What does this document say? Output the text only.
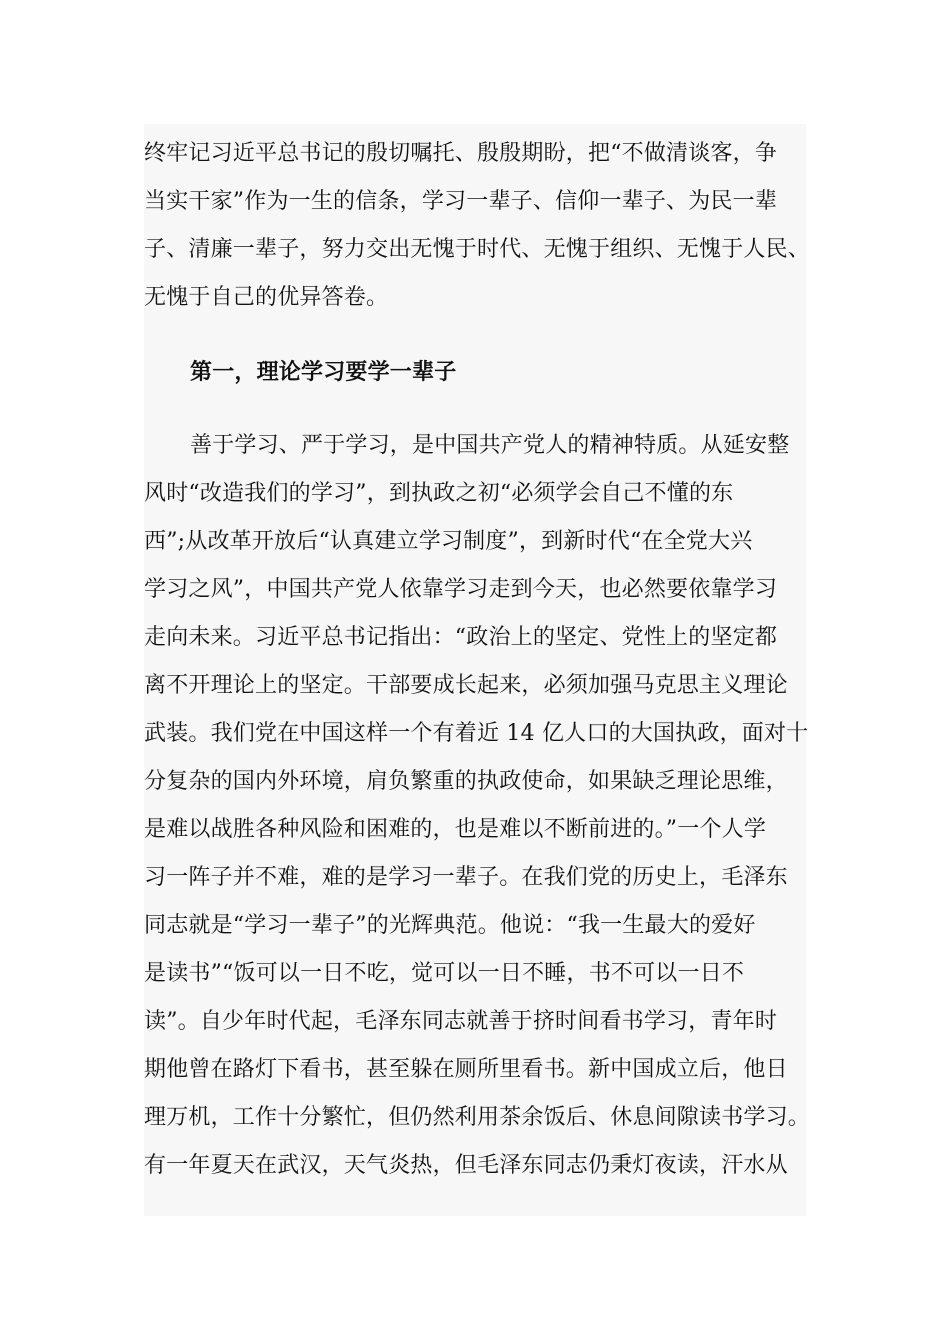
终牢记习近平总书记的殷切嘱托、殷殷期盼，把“不做清谈客，争
当实干家”作为一生的信条，学习一辈子、信仰一辈子、为民一辈
子、清廉一辈子，努力交出无愧于时代、无愧于组织、无愧于人民、
无愧于自己的优异答卷。
第一，理论学习要学一辈子
善于学习、严于学习，是中国共产党人的精神特质。从延安整
风时“改造我们的学习”，到执政之初“必须学会自己不懂的东
西”;从改革开放后“认真建立学习制度”，到新时代“在全党大兴
学习之风”，中国共产党人依靠学习走到今天，也必然要依靠学习
走向未来。习近平总书记指出：“政治上的坚定、党性上的坚定都
离不开理论上的坚定。干部要成长起来，必须加强马克思主义理论
武装。我们党在中国这样一个有着近 14 亿人口的大国执政，面对十
分复杂的国内外环境，肩负繁重的执政使命，如果缺乏理论思维，
是难以战胜各种风险和困难的，也是难以不断前进的。”一个人学
习一阵子并不难，难的是学习一辈子。在我们党的历史上，毛泽东
同志就是“学习一辈子”的光辉典范。他说：“我一生最大的爱好
是读书”“饭可以一日不吃，觉可以一日不睡，书不可以一日不
读”。自少年时代起，毛泽东同志就善于挤时间看书学习，青年时
期他曾在路灯下看书，甚至躲在厕所里看书。新中国成立后，他日
理万机，工作十分繁忙，但仍然利用茶余饭后、休息间隙读书学习。
有一年夏天在武汉，天气炎热，但毛泽东同志仍秉灯夜读，汗水从
